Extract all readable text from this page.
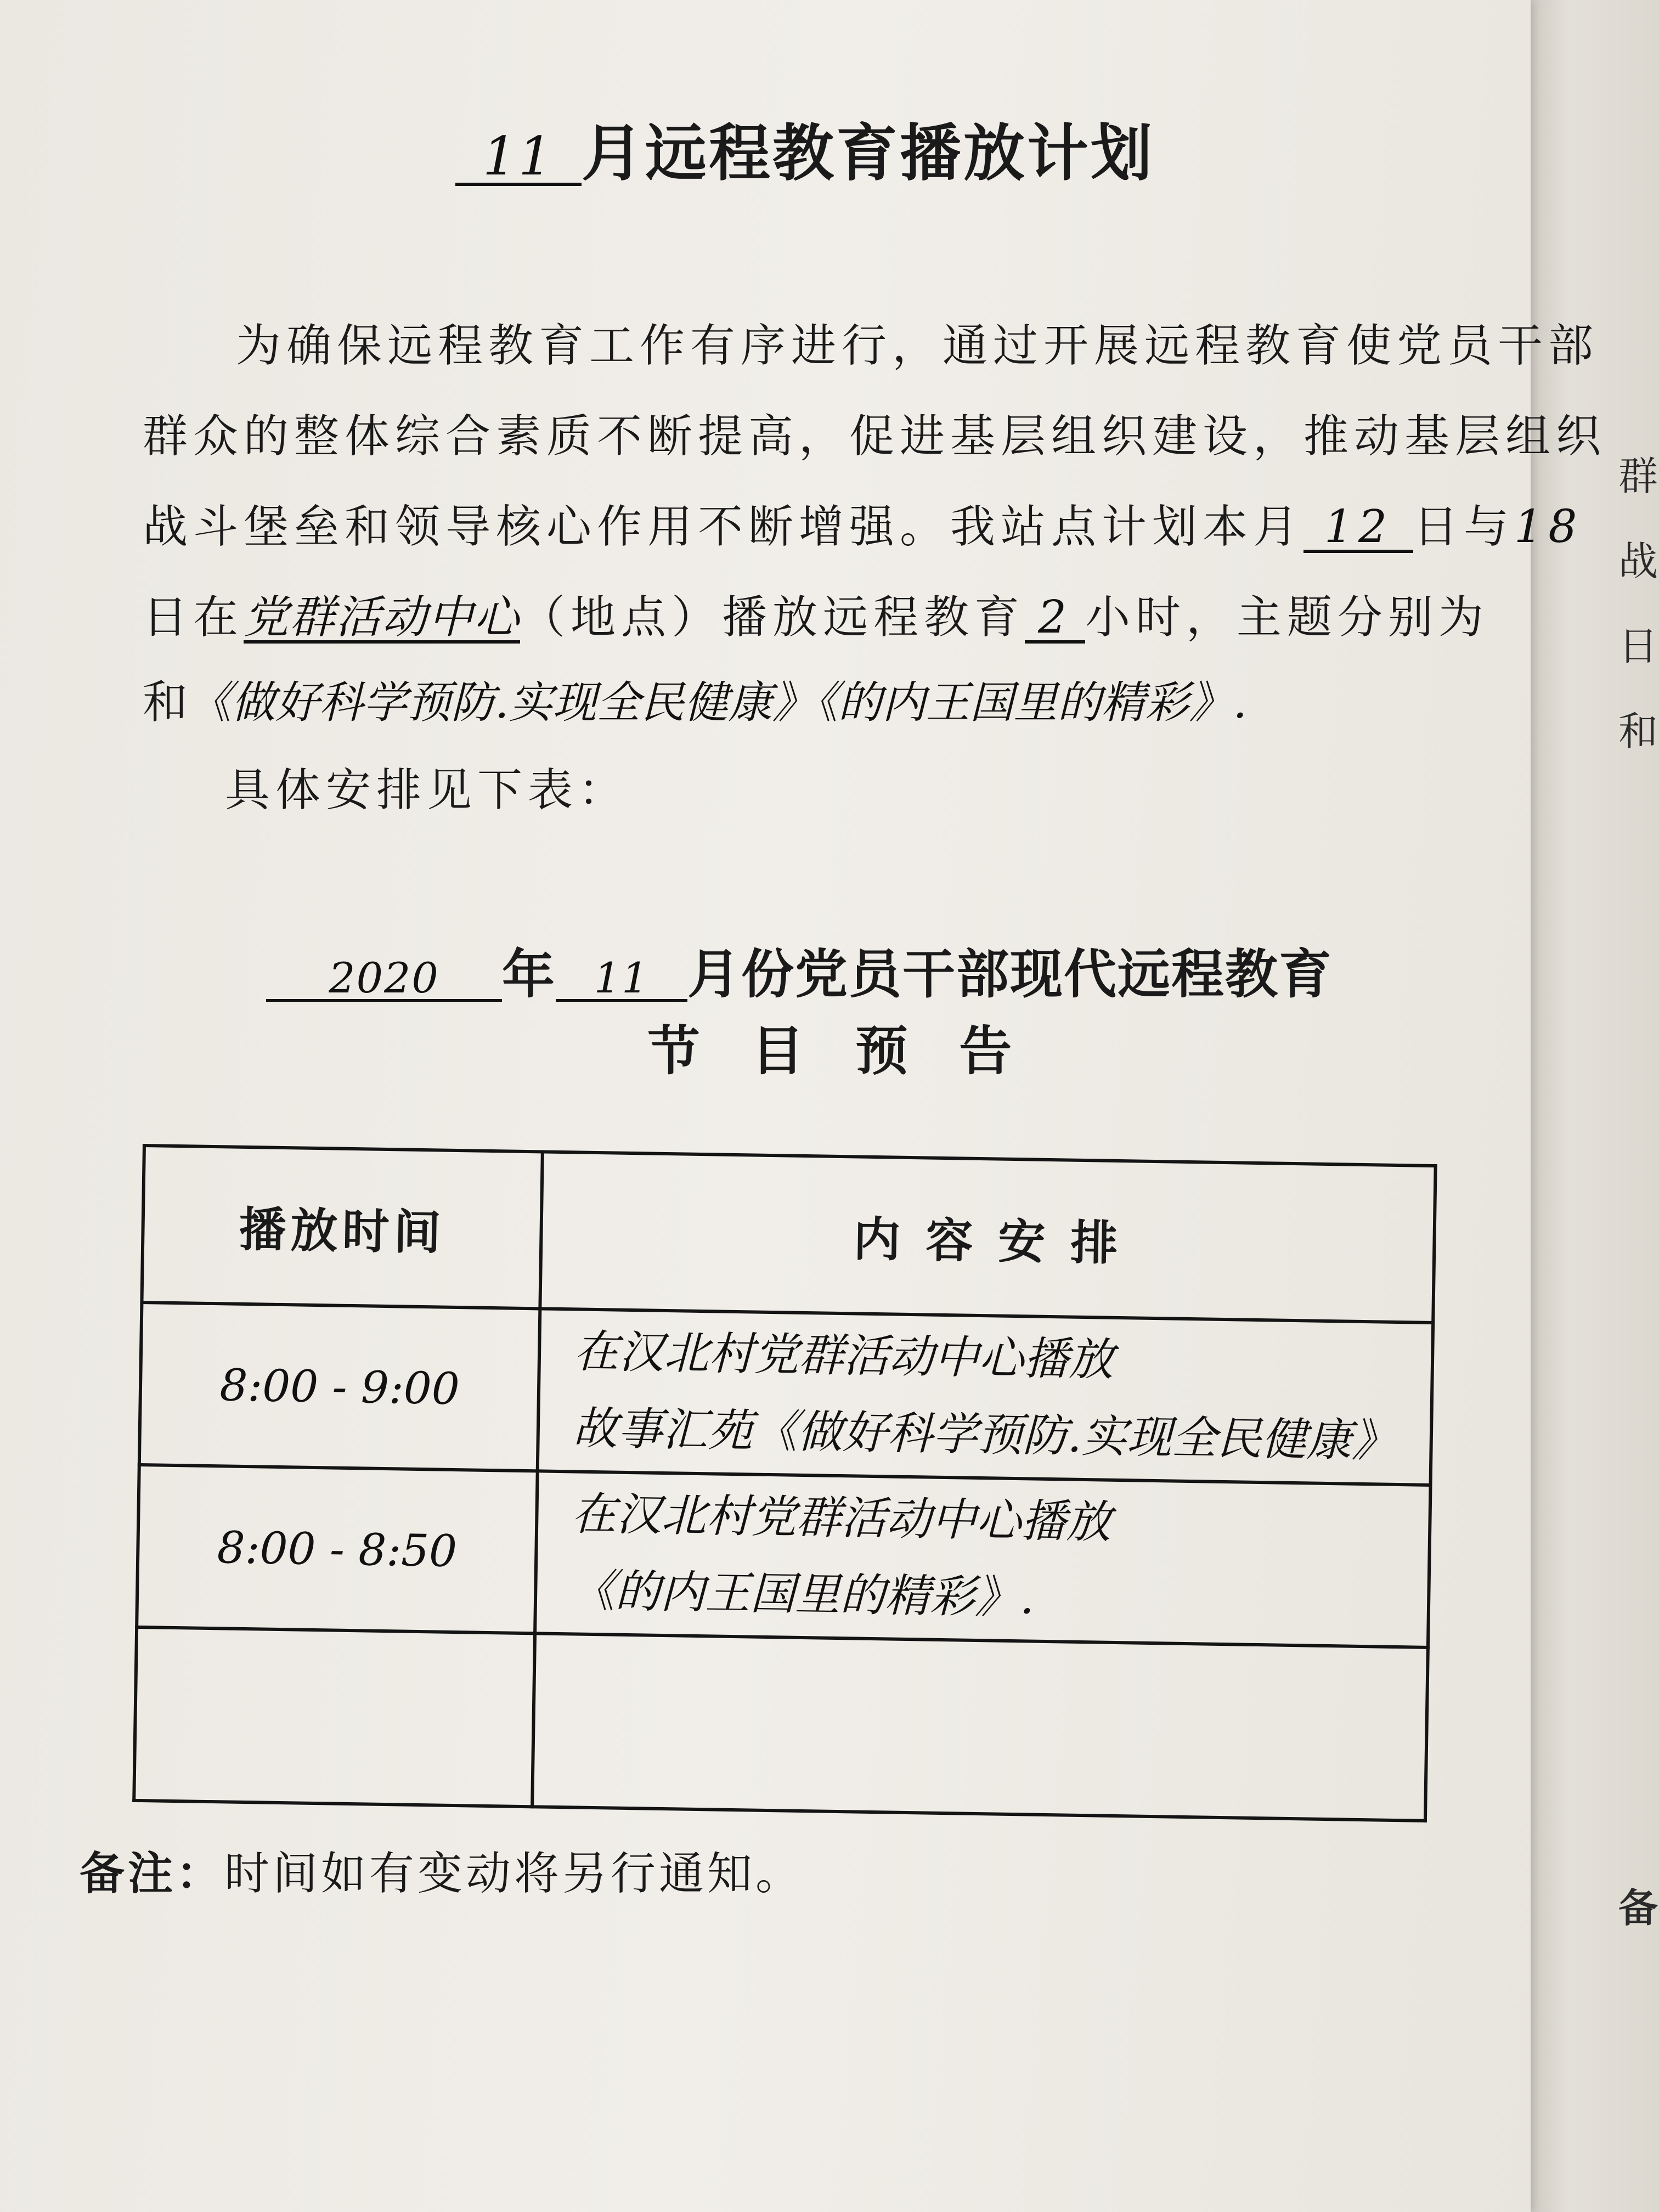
群
战
日
和
备
11 月远程教育播放计划
为确保远程教育工作有序进行，通过开展远程教育使党员干部
群众的整体综合素质不断提高，促进基层组织建设，推动基层组织
战斗堡垒和领导核心作用不断增强。我站点计划本月 12 日与18
日在党群活动中心（地点）播放远程教育 2 小时，主题分别为
和《做好科学预防.实现全民健康》《的内王国里的精彩》.
具体安排见下表：
2020 年 11 月份党员干部现代远程教育
节 目 预 告
播放时间	内 容 安 排
8:00 - 9:00	在汉北村党群活动中心播放
故事汇苑《做好科学预防.实现全民健康》

8:00 - 8:50	在汉北村党群活动中心播放
《的内王国里的精彩》.

备注：时间如有变动将另行通知。
